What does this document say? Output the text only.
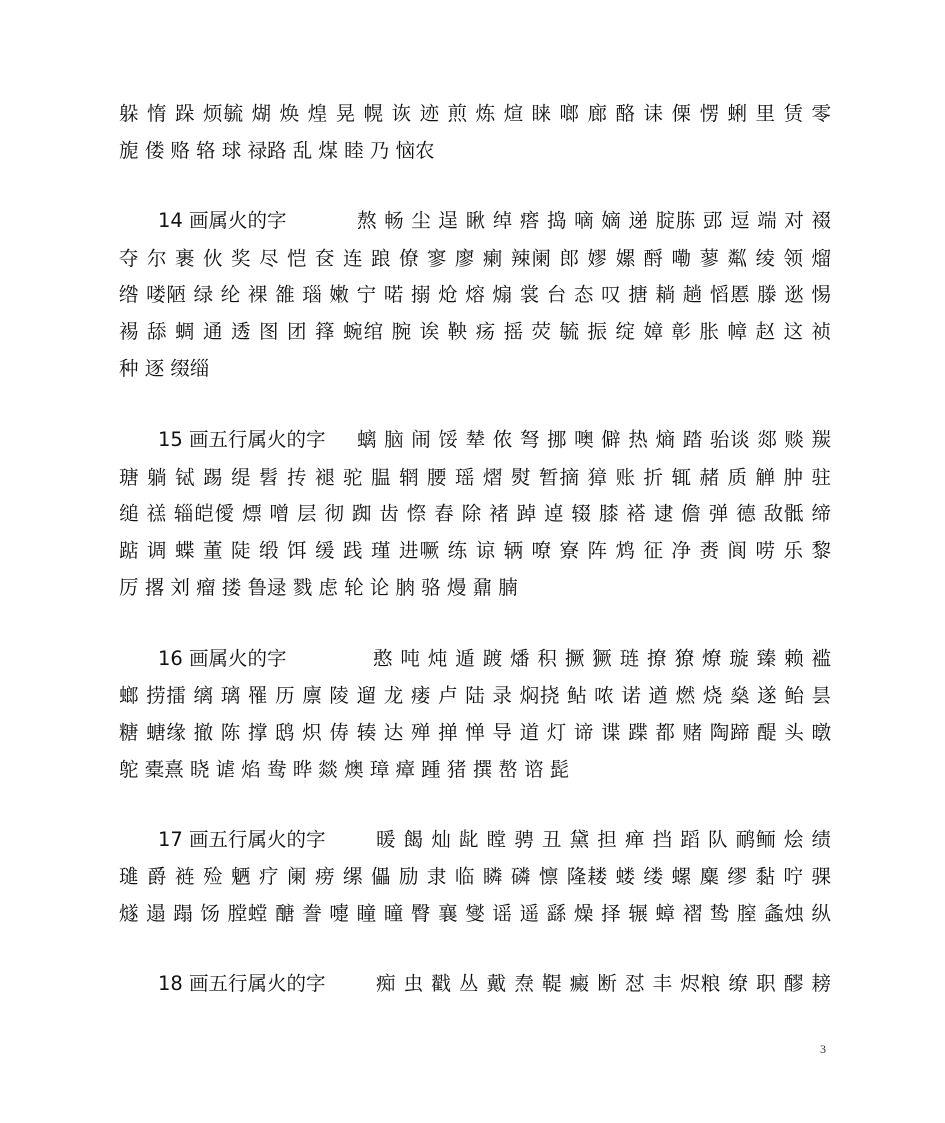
躲 惰 跺 烦毓 煳 焕 煌 晃 幌 诙 迹 煎 炼 煊 睐 啷 廊 酪 诔 傈 愣 蜊 里 赁 零
旎 偻 赂 辂 球 禄路 乱 煤 睦 乃 恼农
14 画属火的字	熬 畅 尘 逞 瞅 绰 瘩 捣 嘀 嫡 递 腚胨 郖 逗 端 对 裰
夺 尔 裹 伙 奖 尽 恺 奁 连 踉 僚 寥 廖 瘌 辣阑 郎 嫪 嫘 酹 嘞 蓼 粼 绫 领 熘
绺 喽陋 绿 纶 裸 雒 瑙 嫩 宁 喏 搦 炝 熔 煽 裳 台 态 叹 搪 耥 趟 慆慝 滕 逖 惕
裼 舔 蜩 通 透 图 团 箨 蜿绾 腕 诶 鞅 疡 摇 荧 毓 振 绽 嫜 彰 胀 幛 赵 这 祯
种 逐 缀缁
15 画五行属火的字 螭 脑 闹 馁 辇 侬 弩 挪 噢 僻 热 熵 踏 骀谈 郯 赕 羰
瑭 躺 铽 踢 缇 髫 抟 褪 驼 腽 辋 腰 瑶 熠 熨 暂摘 獐 账 折 辄 赭 质 觯 肿 驻
缒 禚 辎皑僾 熛 噌 层 彻 踟 齿 憏 舂 除 褚 踔 逴 辍 膝 褡 逮 儋 弹 德 敌骶 缔
踮 调 蝶 董 陡 缎 饵 缓 践 瑾 进噘 练 谅 辆 嘹 寮 阵 鸩 征 净 赉 阆 唠 乐 黎
厉 撂 刘 瘤 搂 鲁逯 戮 虑 轮 论 朒 骆 熳 鼐 腩
16 画属火的字	憨 吨 炖 遁 踱 燔 积 撅 獗 琏 撩 獠 燎 璇 臻 赖 褴
螂 捞擂 缡 璃 罹 历 廪 陵 遛 龙 瘘 卢 陆 录 焖挠 鲇 哝 诺 遒 燃 烧 燊 遂 鲐 昙
糖 螗缘 撤 陈 撑 鸱 炽 俦 辏 达 殚 掸 惮 导 道 灯 谛 谍 蹀 都 赌 陶蹄 醍 头 暾
鸵 橐熹 晓 谑 焰 鸯 晔 燚 燠 璋 瘴 踵 猪 撰 嶅 谘 髭
17 画五行属火的字	暖 餲 灿 龀 瞠 骋 丑 黛 担 瘅 挡 蹈 队 鸸鲕 烩 绩
璡 爵 裢 殓 魉 疗 阑 痨 缧 儡 励 隶 临 瞵 磷 懔 隆耧 蝼 缕 螺 麋 缪 黏 咛 骒
燧 遢 蹋 饧 膛螳 醣 誊 嚏 瞳 曈 臀 襄 燮 谣 遥 繇 燥 择 辗 蟑 褶 鸷 膣 螽烛 纵
18 画五行属火的字	痴 虫 戳 丛 戴 焘 鞮 癜 断 怼 丰 烬粮 缭 职 醪 耪
3
